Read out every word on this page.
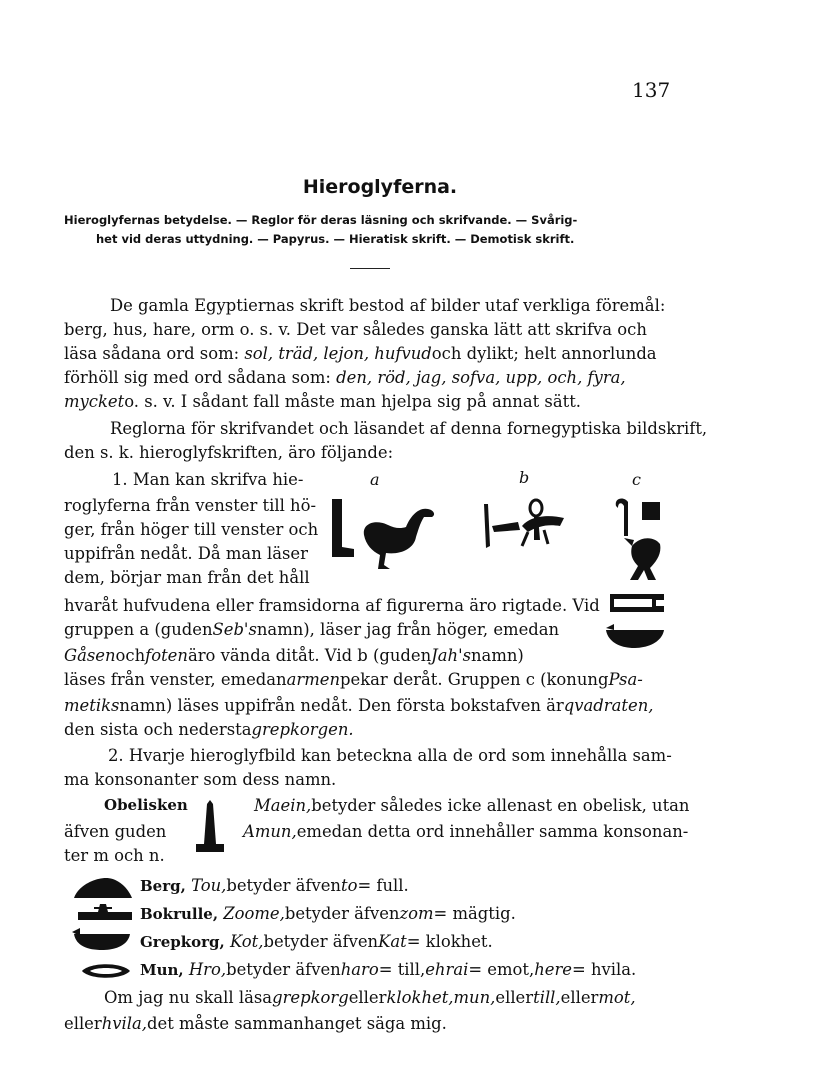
137
Hieroglyferna.
Hieroglyfernas betydelse. — Reglor för deras läsning och skrifvande. — Svårig-
het vid deras uttydning. — Papyrus. — Hieratisk skrift. — Demotisk skrift.
De gamla Egyptiernas skrift bestod af bilder utaf verkliga föremål:
berg, hus, hare, orm o. s. v. Det var således ganska lätt att skrifva och
läsa sådana ord som:
sol, träd, lejon, hufvud och dylikt; helt annorlunda
förhöll sig med ord sådana som:
den, röd, jag, sofva, upp, och, fyra,
mycket o. s. v. I sådant fall måste man hjelpa sig på annat sätt.
Reglorna för skrifvandet och läsandet af denna fornegyptiska bildskrift,
den s. k. hieroglyfskriften, äro följande:
1. Man kan skrifva hie-
roglyferna från venster till hö-
ger, från höger till venster och
uppifrån nedåt. Då man läser
dem, börjar man från det håll
a	b	c
hvaråt hufvudena eller framsidorna af figurerna äro rigtade. Vid
gruppen a (guden Seb's namn), läser jag från höger, emedan
Gåsen och foten äro vända ditåt. Vid b (guden Jah's namn)
läses från venster, emedan armen pekar deråt. Gruppen c (konung Psa-
metiks namn) läses uppifrån nedåt. Den första bokstafven är qvadraten,
den sista och nedersta grepkorgen.
2. Hvarje hieroglyfbild kan beteckna alla de ord som innehålla sam-
ma konsonanter som dess namn.
Obelisken	Maein, betyder således icke allenast en obelisk, utan
äfven guden	Amun, emedan detta ord innehåller samma konsonan-
ter m och n.
Berg,
Tou, betyder äfven to = full.
Bokrulle,
Zoome, betyder äfven zom = mägtig.
Grepkorg,
Kot, betyder äfven Kat = klokhet.
Mun,
Hro, betyder äfven haro = till, ehrai = emot, here = hvila.
Om jag nu skall läsa grepkorg eller klokhet, mun, eller till, eller mot,
eller hvila, det måste sammanhanget säga mig.
